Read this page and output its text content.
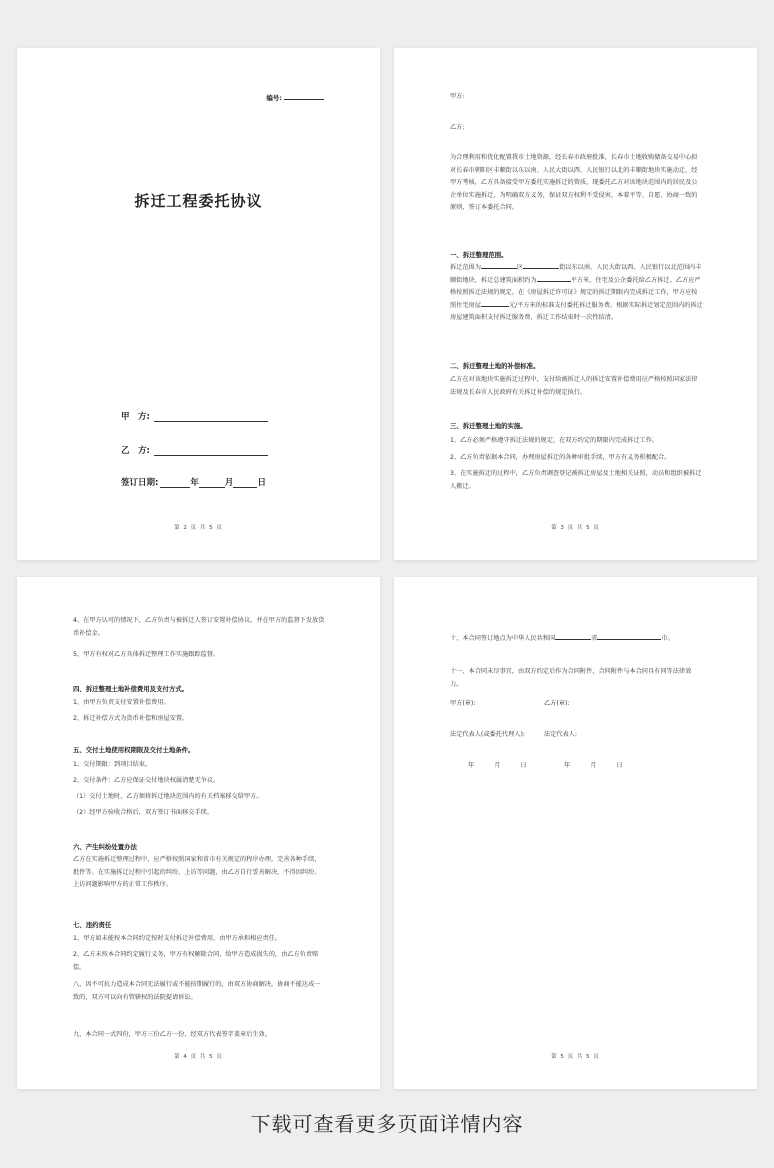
编号:
拆迁工程委托协议
甲　方:
乙　方:
签订日期:	年	月	日
第 2 页 共 5 页
甲方:
乙方:
为合理利用和优化配置我市土地资源，经长春市政府批准，长春市土地收购储备交易中心拟对长春市朝阳区丰顺街以东以南、人民大街以西、人民银行以北的丰顺街地块实施动迁，经甲方考核，乙方具备接受甲方委托实施拆迁的资质，现委托乙方对该地块范围内的居民及公企单位实施拆迁，为明确双方义务，保证双方权利不受侵害，本着平等、自愿、协商一致的原则，签订本委托合同。
一、拆迁整理范围。
拆迁范围为	区	街以东以南、人民大街以西、人民银行以北范围内丰顺街地块，拆迁总建筑面积约为	平方米，住宅及公企委托给乙方拆迁。乙方应严格按照拆迁法规的规定，在《房屋拆迁许可证》规定的拆迁期限内完成拆迁工作，甲方应按照住宅房屋	元/平方米的标准支付委托拆迁服务费。根据实际拆迁划定范围内的拆迁房屋建筑面积支付拆迁服务费，拆迁工作结束时一次性结清。
二、拆迁整理土地的补偿标准。
乙方在对该地块实施拆迁过程中，支付给被拆迁人的拆迁安置补偿费用应严格按照国家法律法规及长春市人民政府有关拆迁补偿的规定执行。
三、拆迁整理土地的实施。
1、乙方必须严格遵守拆迁法规的规定，在双方约定的期限内完成拆迁工作。
2、乙方负责依据本合同，办理房屋拆迁的各种审批手续，甲方有义务积极配合。
3、在实施拆迁的过程中，乙方负责调查登记被拆迁房屋及土地相关证照，动员和组织被拆迁人搬迁。
第 3 页 共 5 页
4、在甲方认可的情况下，乙方负责与被拆迁人签订安置补偿协议，并在甲方的监督下发放货币补偿金。
5、甲方有权对乙方具体拆迁整理工作实施跟踪监督。
四、拆迁整理土地补偿费用及支付方式。
1、由甲方负责支付安置补偿费用。
2、拆迁补偿方式为货币补偿和房屋安置。
五、交付土地使用权期限及交付土地条件。
1、交付期限：到项目结束。
2、交付条件：乙方应保证交付地块权属清楚无争议。
（1）交付土地时，乙方须将拆迁地块范围内的有关档案移交给甲方。
（2）经甲方验收合格后，双方签订书面移交手续。
六、产生纠纷处置办法
乙方在实施拆迁整理过程中，应严格按照国家和省市有关规定的程序办理，完善各种手续、批件等。在实施拆迁过程中引起的纠纷、上访等问题，由乙方自行妥善解决，不得因纠纷、上访问题影响甲方的正常工作秩序。
七、违约责任
1、甲方如未能按本合同约定按时支付拆迁补偿费用，由甲方承担相应责任。
2、乙方未按本合同约定履行义务，甲方有权解除合同，给甲方造成损失的，由乙方负责赔偿。
八、因不可抗力造成本合同无法履行或不能按期履行的，由双方协商解决，协商不能达成一致的，双方可以向有管辖权的法院提请诉讼。
九、本合同一式四份，甲方三份乙方一份，经双方代表签字盖章后生效。
第 4 页 共 5 页
十、本合同签订地点为中华人民共和国	省	市。
十一、本合同未尽事宜，由双方约定后作为合同附件，合同附件与本合同具有同等法律效力。
甲方(章):	乙方(章):
法定代表人(或委托代理人):	法定代表人:
年	月	日	年	月	日
第 5 页 共 5 页
下载可查看更多页面详情内容
